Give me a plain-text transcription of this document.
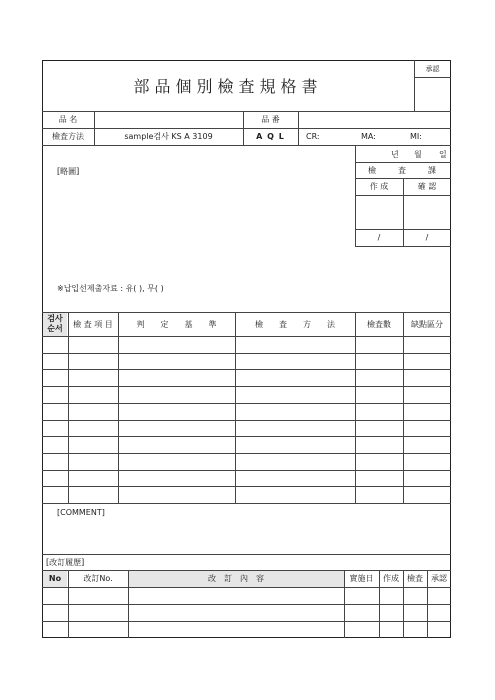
承認
部品個別檢査規格書
品 名	品 番
檢査方法	sample검사 KS A 3109	A Q L	CR:	MA:	MI:
[略圖]
※납입선제출자료 : 유( ), 무( )
년 월 일
檢	査	課
作 成	確 認
/	/
검사
순서	檢 査 項 目	判　　定　　基　　準	檢　　査　　方　　法	檢査數	缺點區分
[COMMENT]
[改訂履歷]
No	改訂No.	改　訂　內　容	實施日	作成	檢査	承認
